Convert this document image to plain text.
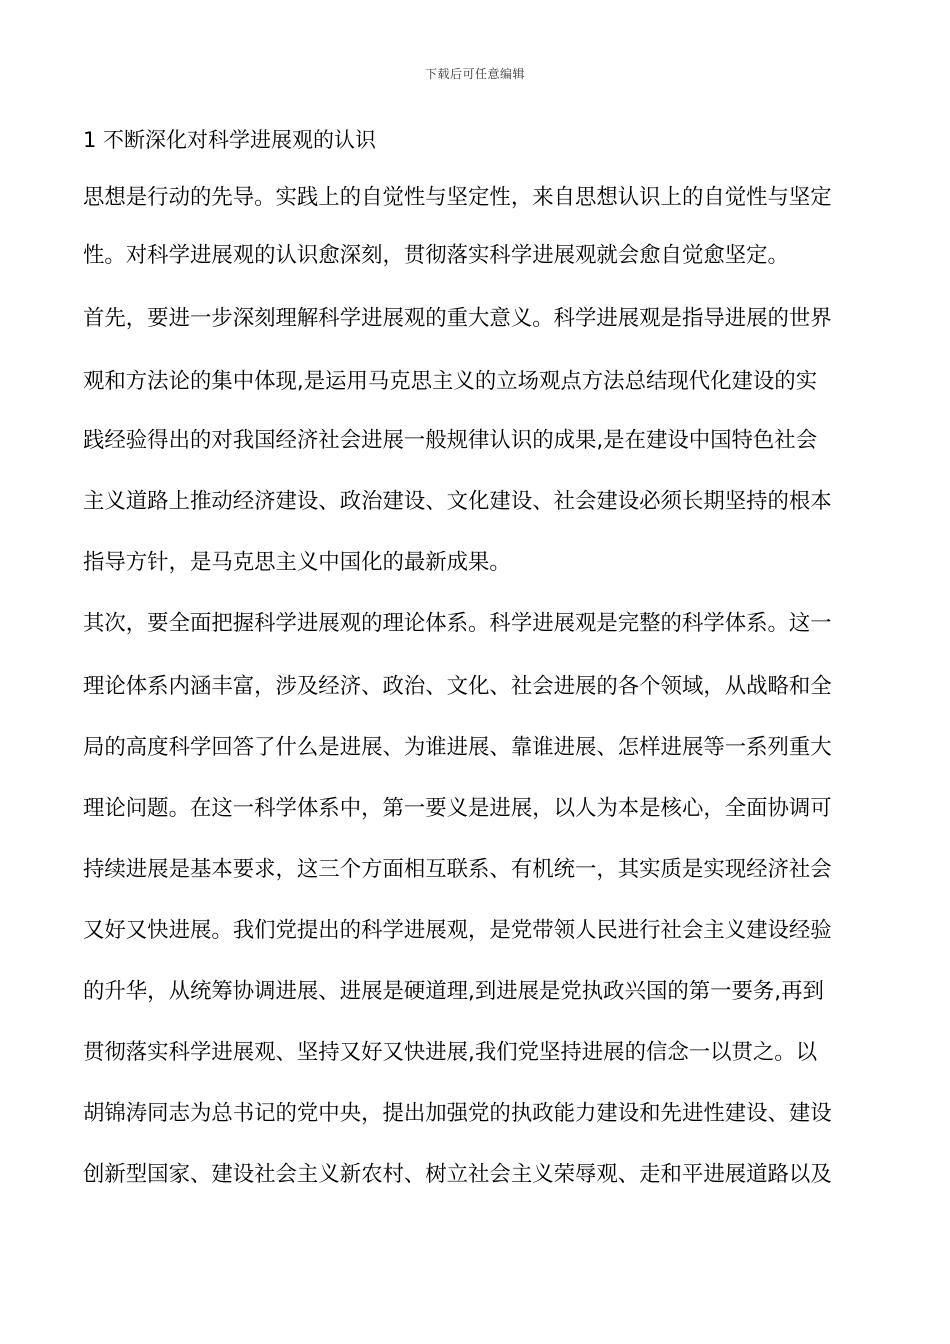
下载后可任意编辑
1 不断深化对科学进展观的认识
思想是行动的先导。实践上的自觉性与坚定性，来自思想认识上的自觉性与坚定
性。对科学进展观的认识愈深刻，贯彻落实科学进展观就会愈自觉愈坚定。
首先，要进一步深刻理解科学进展观的重大意义。科学进展观是指导进展的世界
观和方法论的集中体现,是运用马克思主义的立场观点方法总结现代化建设的实
践经验得出的对我国经济社会进展一般规律认识的成果,是在建设中国特色社会
主义道路上推动经济建设、政治建设、文化建设、社会建设必须长期坚持的根本
指导方针，是马克思主义中国化的最新成果。
其次，要全面把握科学进展观的理论体系。科学进展观是完整的科学体系。这一
理论体系内涵丰富，涉及经济、政治、文化、社会进展的各个领域，从战略和全
局的高度科学回答了什么是进展、为谁进展、靠谁进展、怎样进展等一系列重大
理论问题。在这一科学体系中，第一要义是进展，以人为本是核心，全面协调可
持续进展是基本要求，这三个方面相互联系、有机统一，其实质是实现经济社会
又好又快进展。我们党提出的科学进展观，是党带领人民进行社会主义建设经验
的升华，从统筹协调进展、进展是硬道理,到进展是党执政兴国的第一要务,再到
贯彻落实科学进展观、坚持又好又快进展,我们党坚持进展的信念一以贯之。以
胡锦涛同志为总书记的党中央，提出加强党的执政能力建设和先进性建设、建设
创新型国家、建设社会主义新农村、树立社会主义荣辱观、走和平进展道路以及
